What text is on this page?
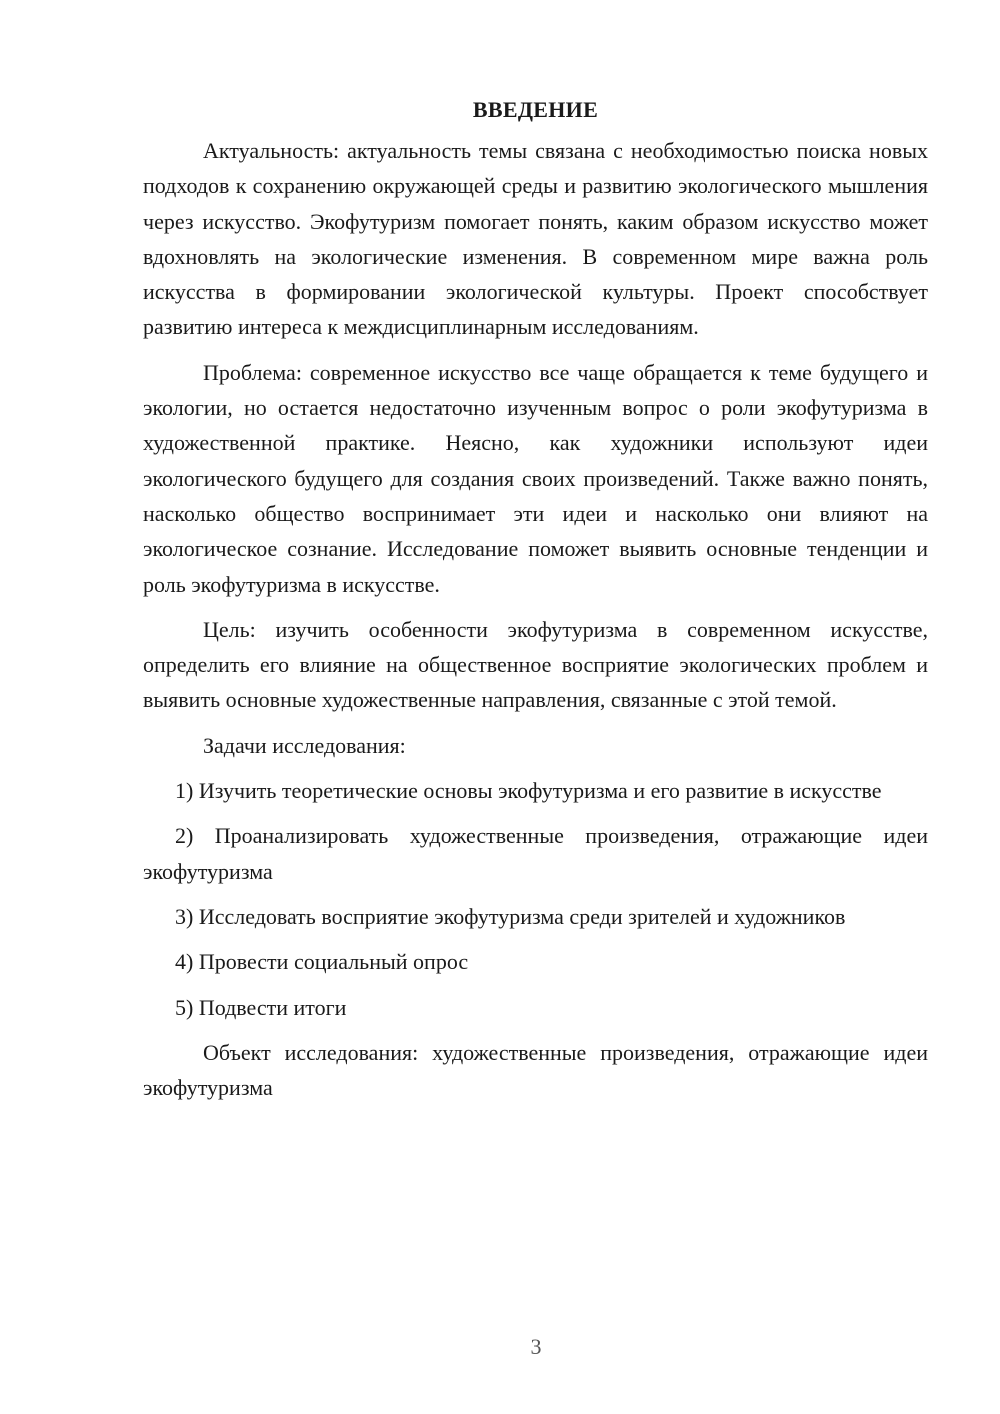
ВВЕДЕНИЕ

Актуальность: актуальность темы связана с необходимостью поиска новых подходов к сохранению окружающей среды и развитию экологического мышления через искусство. Экофутуризм помогает понять, каким образом искусство может вдохновлять на экологические изменения. В современном мире важна роль искусства в формировании экологической культуры. Проект способствует развитию интереса к междисциплинарным исследованиям.

Проблема: современное искусство все чаще обращается к теме будущего и экологии, но остается недостаточно изученным вопрос о роли экофутуризма в художественной практике. Неясно, как художники используют идеи экологического будущего для создания своих произведений. Также важно понять, насколько общество воспринимает эти идеи и насколько они влияют на экологическое сознание. Исследование поможет выявить основные тенденции и роль экофутуризма в искусстве.

Цель: изучить особенности экофутуризма в современном искусстве, определить его влияние на общественное восприятие экологических проблем и выявить основные художественные направления, связанные с этой темой.

Задачи исследования:

1) Изучить теоретические основы экофутуризма и его развитие в искусстве

2) Проанализировать художественные произведения, отражающие идеи экофутуризма

3) Исследовать восприятие экофутуризма среди зрителей и художников

4) Провести социальный опрос

5) Подвести итоги

Объект исследования: художественные произведения, отражающие идеи экофутуризма

3
